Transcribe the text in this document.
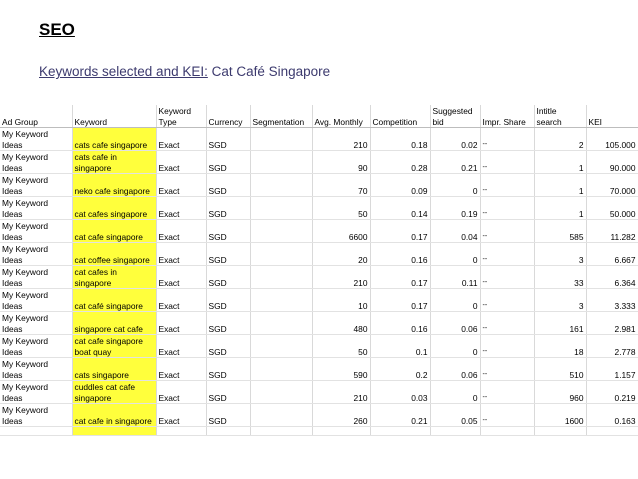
SEO
Keywords selected and KEI: Cat Café Singapore
Ad Group	Keyword	Keyword Type	Currency	Segmentation	Avg. Monthly	Competition	Suggested bid	Impr. Share	Intitle search	KEI
My Keyword Ideas	cats cafe singapore	Exact	SGD		210	0.18	0.02	--	2	105.000
My Keyword Ideas	cats cafe in singapore	Exact	SGD		90	0.28	0.21	--	1	90.000
My Keyword Ideas	neko cafe singapore	Exact	SGD		70	0.09	0	--	1	70.000
My Keyword Ideas	cat cafes singapore	Exact	SGD		50	0.14	0.19	--	1	50.000
My Keyword Ideas	cat cafe singapore	Exact	SGD		6600	0.17	0.04	--	585	11.282
My Keyword Ideas	cat coffee singapore	Exact	SGD		20	0.16	0	--	3	6.667
My Keyword Ideas	cat cafes in singapore	Exact	SGD		210	0.17	0.11	--	33	6.364
My Keyword Ideas	cat café singapore	Exact	SGD		10	0.17	0	--	3	3.333
My Keyword Ideas	singapore cat cafe	Exact	SGD		480	0.16	0.06	--	161	2.981
My Keyword Ideas	cat cafe singapore boat quay	Exact	SGD		50	0.1	0	--	18	2.778
My Keyword Ideas	cats singapore	Exact	SGD		590	0.2	0.06	--	510	1.157
My Keyword Ideas	cuddles cat cafe singapore	Exact	SGD		210	0.03	0	--	960	0.219
My Keyword Ideas	cat cafe in singapore	Exact	SGD		260	0.21	0.05	--	1600	0.163
